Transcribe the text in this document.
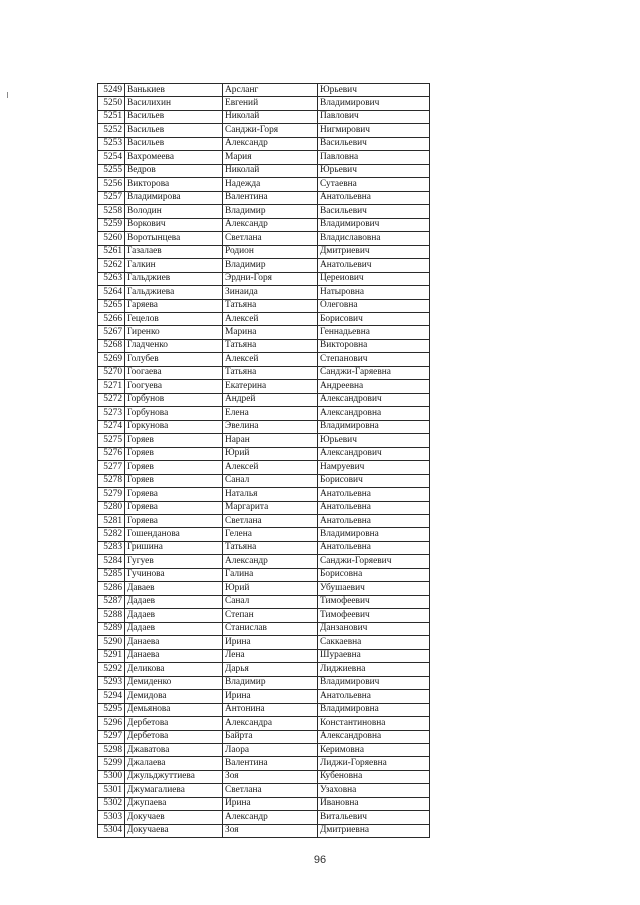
5249	Ванькиев	Арсланг	Юрьевич
5250	Василихин	Евгений	Владимирович
5251	Васильев	Николай	Павлович
5252	Васильев	Санджи-Горя	Нигмирович
5253	Васильев	Александр	Васильевич
5254	Вахромеева	Мария	Павловна
5255	Ведров	Николай	Юрьевич
5256	Викторова	Надежда	Сутаевна
5257	Владимирова	Валентина	Анатольевна
5258	Володин	Владимир	Васильевич
5259	Воркович	Александр	Владимирович
5260	Воротынцева	Светлана	Владиславовна
5261	Газалаев	Родион	Дмитриевич
5262	Галкин	Владимир	Анатольевич
5263	Гальджиев	Эрдни-Горя	Цереиович
5264	Гальджиева	Зинаида	Натыровна
5265	Гаряева	Татьяна	Олеговна
5266	Гецелов	Алексей	Борисович
5267	Гиренко	Марина	Геннадьевна
5268	Гладченко	Татьяна	Викторовна
5269	Голубев	Алексей	Степанович
5270	Гоогаева	Татьяна	Санджи-Гаряевна
5271	Гоогуева	Екатерина	Андреевна
5272	Горбунов	Андрей	Александрович
5273	Горбунова	Елена	Александровна
5274	Горкунова	Эвелина	Владимировна
5275	Горяев	Наран	Юрьевич
5276	Горяев	Юрий	Александрович
5277	Горяев	Алексей	Намруевич
5278	Горяев	Санал	Борисович
5279	Горяева	Наталья	Анатольевна
5280	Горяева	Маргарита	Анатольевна
5281	Горяева	Светлана	Анатольевна
5282	Гошенданова	Гелена	Владимировна
5283	Гришина	Татьяна	Анатольевна
5284	Гугуев	Александр	Санджи-Горяевич
5285	Гучинова	Галина	Борисовна
5286	Даваев	Юрий	Убушаевич
5287	Дадаев	Санал	Тимофеевич
5288	Дадаев	Степан	Тимофеевич
5289	Дадаев	Станислав	Данзанович
5290	Данаева	Ирина	Саккаевна
5291	Данаева	Лена	Шураевна
5292	Деликова	Дарья	Лиджиевна
5293	Демиденко	Владимир	Владимирович
5294	Демидова	Ирина	Анатольевна
5295	Демьянова	Антонина	Владимировна
5296	Дербетова	Александра	Константиновна
5297	Дербетова	Байрта	Александровна
5298	Джаватова	Лаора	Керимовна
5299	Джалаева	Валентина	Лиджи-Горяевна
5300	Джульджуттиева	Зоя	Кубеновна
5301	Джумагалиева	Светлана	Узаховна
5302	Джупаева	Ирина	Ивановна
5303	Докучаев	Александр	Витальевич
5304	Докучаева	Зоя	Дмитриевна
96
